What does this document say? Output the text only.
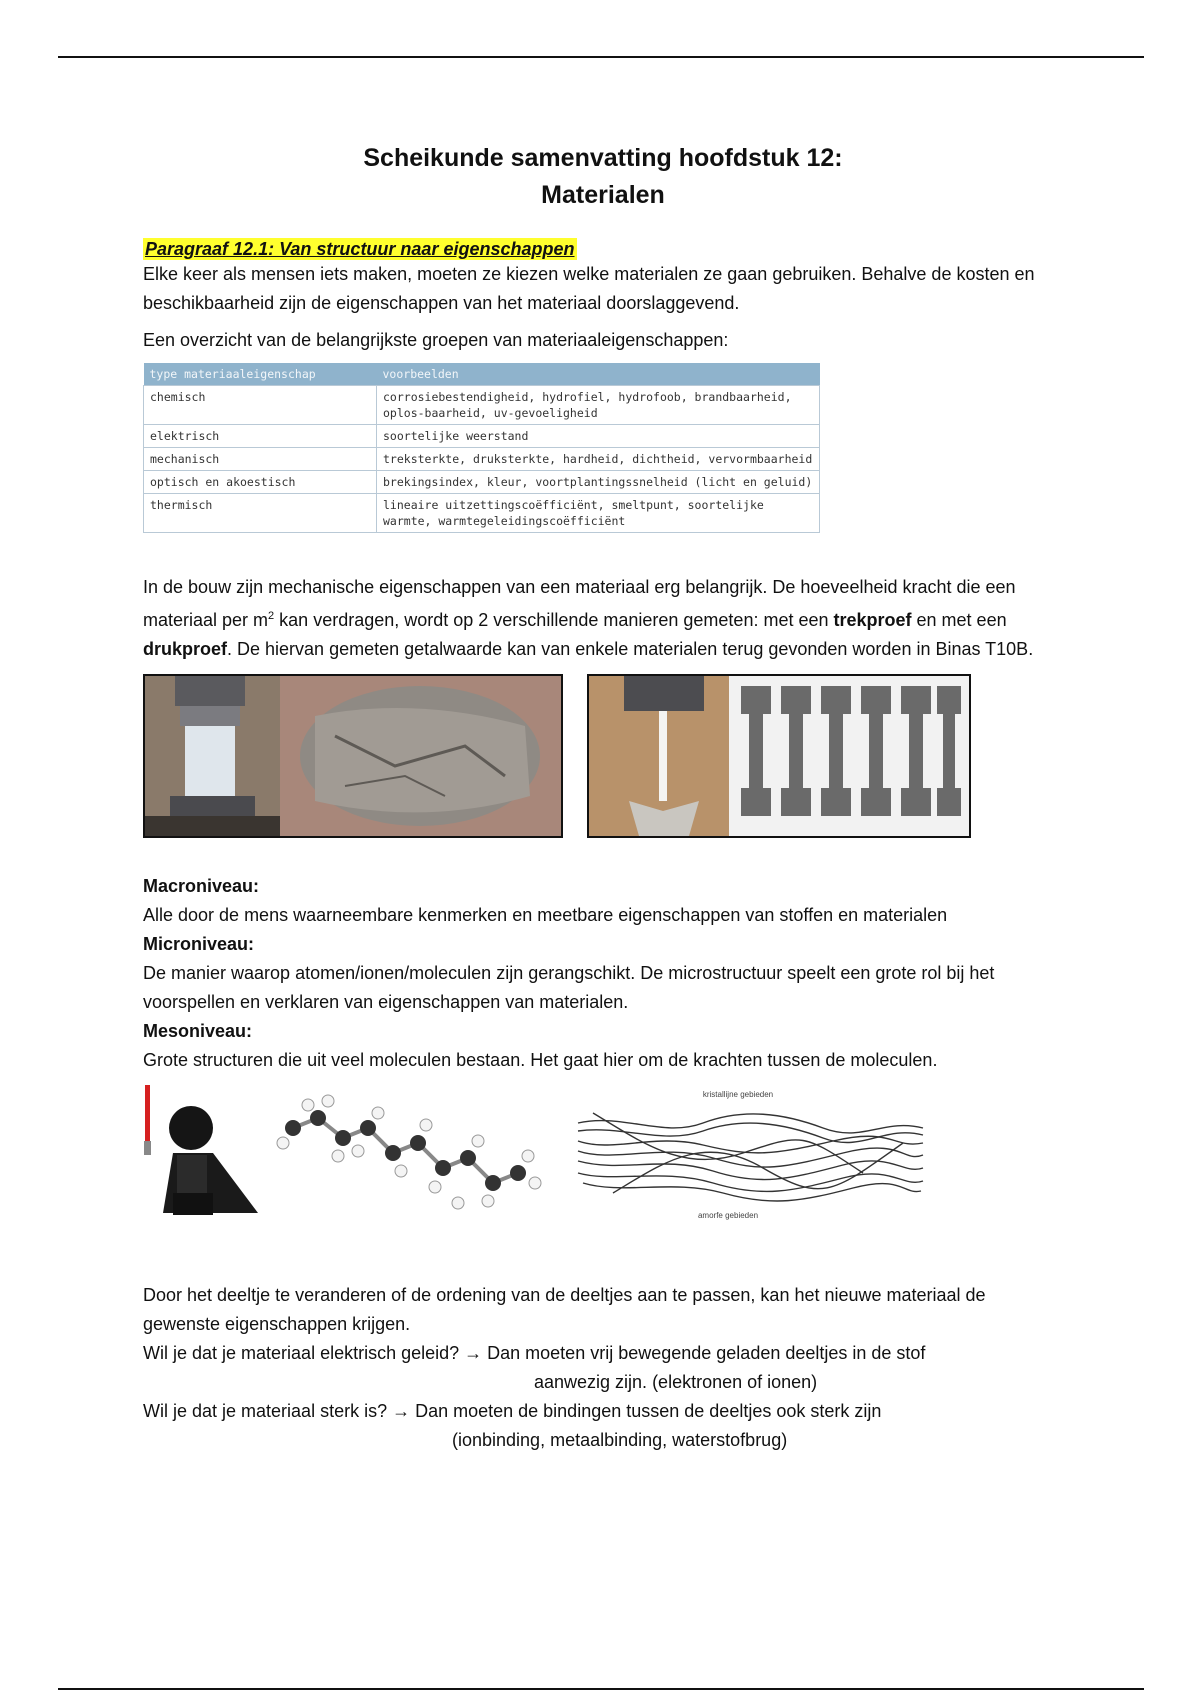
Scheikunde samenvatting hoofdstuk 12:
Materialen
Paragraaf 12.1: Van structuur naar eigenschappen

Elke keer als mensen iets maken, moeten ze kiezen welke materialen ze gaan gebruiken. Behalve de kosten en beschikbaarheid zijn de eigenschappen van het materiaal doorslaggevend.

Een overzicht van de belangrijkste groepen van materiaaleigenschappen:

type materiaaleigenschap	voorbeelden
chemisch	corrosiebestendigheid, hydrofiel, hydrofoob, brandbaarheid, oplos-baarheid, uv-gevoeligheid
elektrisch	soortelijke weerstand
mechanisch	treksterkte, druksterkte, hardheid, dichtheid, vervormbaarheid
optisch en akoestisch	brekingsindex, kleur, voortplantingssnelheid (licht en geluid)
thermisch	lineaire uitzettingscoëfficiënt, smeltpunt, soortelijke warmte, warmtegeleidingscoëfficiënt

In de bouw zijn mechanische eigenschappen van een materiaal erg belangrijk. De hoeveelheid kracht die een materiaal per $m^2$ kan verdragen, wordt op 2 verschillende manieren gemeten: met een trekproef en met een drukproef. De hiervan gemeten getalwaarde kan van enkele materialen terug gevonden worden in Binas T10B.

Macroniveau:

Alle door de mens waarneembare kenmerken en meetbare eigenschappen van stoffen en materialen

Microniveau:

De manier waarop atomen/ionen/moleculen zijn gerangschikt. De microstructuur speelt een grote rol bij het voorspellen en verklaren van eigenschappen van materialen.

Mesoniveau:

Grote structuren die uit veel moleculen bestaan. Het gaat hier om de krachten tussen de moleculen.

kristallijne gebieden
amorfe gebieden

Door het deeltje te veranderen of de ordening van de deeltjes aan te passen, kan het nieuwe materiaal de gewenste eigenschappen krijgen.

Wil je dat je materiaal elektrisch geleid? → Dan moeten vrij bewegende geladen deeltjes in de stof

aanwezig zijn. (elektronen of ionen)

Wil je dat je materiaal sterk is? → Dan moeten de bindingen tussen de deeltjes ook sterk zijn

(ionbinding, metaalbinding, waterstofbrug)
